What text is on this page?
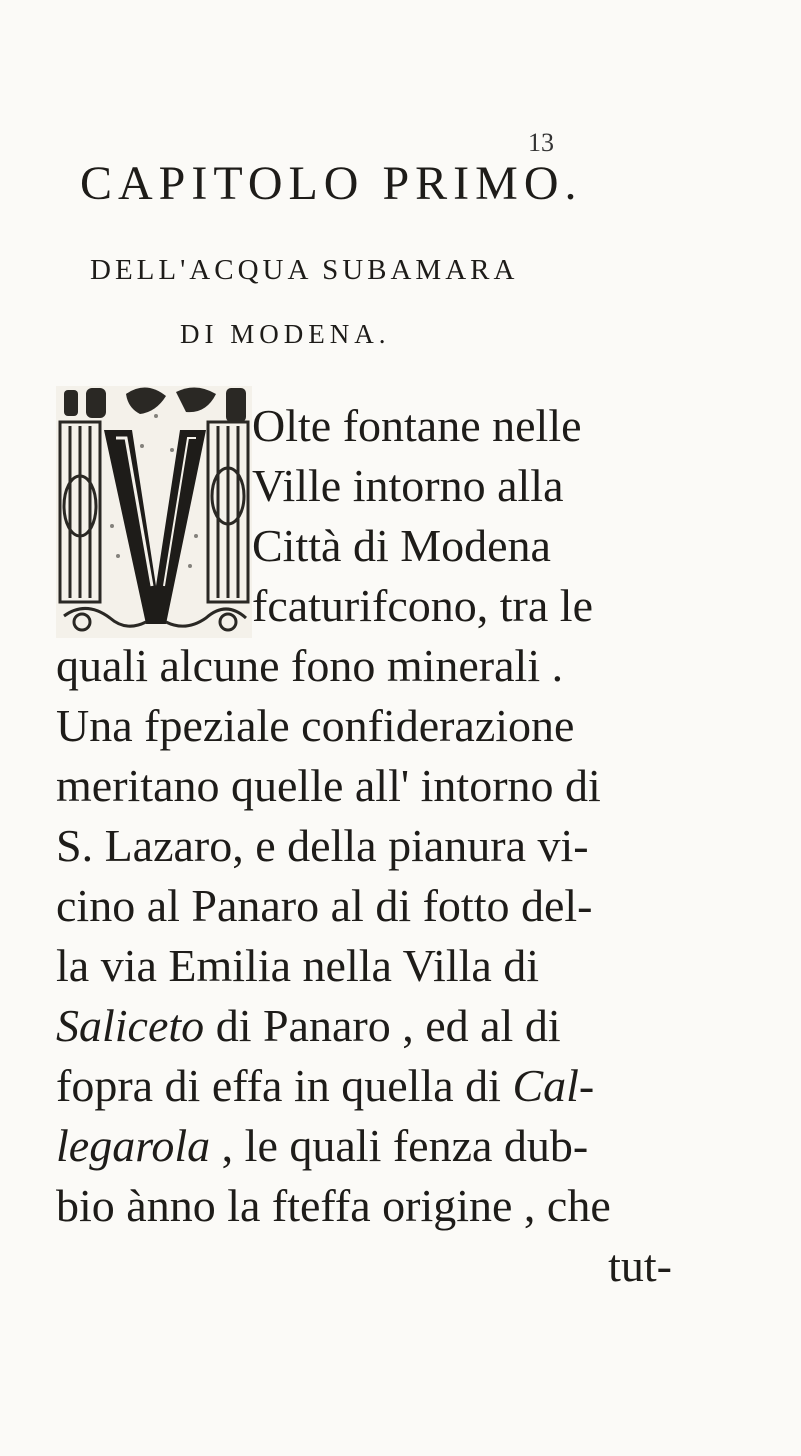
13
CAPITOLO PRIMO.
DELL'ACQUA SUBAMARA
DI MODENA.
Olte fontane nelle
Ville intorno alla
Città di Modena
fcaturifcono, tra le
quali alcune fono minerali .
Una fpeziale confiderazione
meritano quelle all' intorno di
S. Lazaro, e della pianura vi-
cino al Panaro al di fotto del-
la via Emilia nella Villa di
Saliceto di Panaro , ed al di
fopra di effa in quella di Cal-
legarola , le quali fenza dub-
bio ànno la fteffa origine , che
tut-
